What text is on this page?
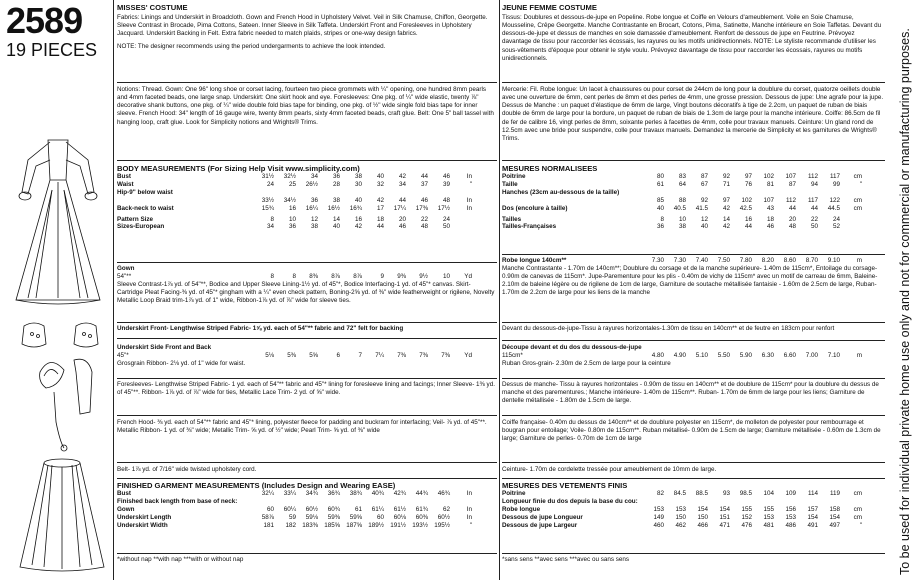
2589
19 PIECES
MISSES' COSTUME
Fabrics: Linings and Underskirt in Broadcloth. Gown and French Hood in Upholstery Velvet. Veil in Silk Chamuse, Chiffon, Georgette. Sleeve Contrast in Brocade, Pima Cottons, Sateen. Inner Sleeve in Silk Taffeta. Underskirt Front and Foresleeves in Upholstery Jacquard. Underskirt Backing in Felt. Extra fabric needed to match plaids, stripes or one-way design fabrics.
NOTE: The designer recommends using the period undergarments to achieve the look intended.
Notions: Thread. Gown: One 96" long shoe or corset lacing, fourteen two piece grommets with ¼" opening, one hundred 8mm pearls and 4mm faceted beads, one large snap. Underskirt: One skirt hook and eye. Foresleeves: One pkg. of ¼" wide elastic, twenty ⅞" decorative shank buttons, one pkg. of ¼" wide double fold bias tape for binding, one pkg. of ½" wide single fold bias tape for inner sleeve. French Hood: 34" length of 16 gauge wire, twenty 8mm pearls, sixty 4mm faceted beads, craft glue. Belt: One 5" ball tassel with hanging loop, craft glue. Look for Simplicity notions and Wrights® Trims.
BODY MEASUREMENTS (For Sizing Help Visit www.simplicity.com)
Bust	31½	32½	34	36	38	40	42	44	46	In
Waist	24	25	26½	28	30	32	34	37	39	"
Hip-9" below waist										
	33½	34½	36	38	40	42	44	46	48	In
Back-neck to waist	15¾	16	16¼	16½	16¾	17	17¼	17⅜	17½	In
Pattern Size	8	10	12	14	16	18	20	22	24	
Sizes-European	34	36	38	40	42	44	46	48	50	
Gown
54"**	8	8	8⅜	8⅞	8⅞	9	9⅜	9½	10	Yd
Sleeve Contrast-1⅞ yd. of 54"**, Bodice and Upper Sleeve Lining-1½ yd. of 45"*, Bodice Interfacing-1 yd. of 45"* canvas. Skirt- Cartridge Pleat Facing-⅜ yd. of 45"* gingham with a ¼" even check pattern, Boning-2⅝ yd. of ⅜" wide featherweight or rigilene, Novelty Metallic Loop Braid trim-1⅞ yd. of 1" wide, Ribbon-1⅞ yd. of ⅞" wide for sleeve ties.
Underskirt Front- Lengthwise Striped Fabric- 1⅝ yd. each of 54"** fabric and 72" felt for backing
Underskirt Side Front and Back
45"*	5⅛	5⅜	5⅝	6	7	7¼	7⅜	7⅜	7⅜	Yd
Grosgrain Ribbon- 2⅛ yd. of 1" wide for waist.
Foresleeves- Lengthwise Striped Fabric- 1 yd. each of 54"** fabric and 45"* lining for foresleeve lining and facings; Inner Sleeve- 1⅜ yd. of 45"**. Ribbon- 1⅞ yd. of ⅞" wide for ties, Metallic Lace Trim- 2 yd. of ⅝" wide.
French Hood- ⅜ yd. each of 54"** fabric and 45"* lining, polyester fleece for padding and buckram for interfacing; Veil- ⅞ yd. of 45"**. Metallic Ribbon- 1 yd. of ⅜" wide; Metallic Trim- ⅝ yd. of ½" wide; Pearl Trim- ⅝ yd. of ⅜" wide
Belt- 1⅞ yd. of 7/16" wide twisted upholstery cord.
FINISHED GARMENT MEASUREMENTS (Includes Design and Wearing EASE)
Bust	32¼	33¼	34¾	36¾	38¾	40¾	42¾	44¾	46¾	In
Finished back length from base of neck:										
Gown	60	60¼	60½	60¾	61	61¼	61½	61¾	62	In
Underskirt Length	58⅞	59	59⅛	59⅜	59⅝	60	60⅛	60⅜	60½	In
Underskirt Width	181	182	183⅜	185⅝	187⅝	189½	191½	193½	195½	"
*without nap **with nap ***with or without nap
JEUNE FEMME COSTUME
Tissus: Doublures et dessous-de-jupe en Popeline. Robe longue et Coiffe en Velours d'ameublement. Voile en Soie Chamuse, Mousseline, Crêpe Georgette. Manche Contrastante en Brocart, Cotons, Pima, Satinette, Manche intérieure en Soie Taffetas. Devant du dessous-de-jupe et dessus de manches en soie damassée d'ameublement. Renfort de dessous de jupe en Feutrine. Prévoyez davantage de tissu pour raccorder les écossais, les rayures ou les motifs unidirectionnels. NOTE: Le styliste recommande d'utiliser les sous-vêtements d'époque pour obtenir le style voulu. Prévoyez davantage de tissu pour raccorder les écossais, rayures ou motifs unidirectionnels.
Mercerie: Fil. Robe longue: Un lacet à chaussures ou pour corset de 244cm de long pour la doublure du corset, quatorze oeillets double avec une ouverture de 6mm, cent perles de 8mm et des perles de 4mm, une grosse pression. Dessous de jupe: Une agrafe pour la jupe. Dessus de Manche : un paquet d'élastique de 6mm de large, Vingt boutons décoratifs à tige de 2.2cm, un paquet de ruban de biais double de 6mm de large pour la bordure, un paquet de ruban de biais de 1.3cm de large pour la manche intérieure. Coiffe: 86.5cm de fil de fer de calibre 16, vingt perles de 8mm, soixante perles à facettes de 4mm, colle pour travaux manuels. Ceinture: Un gland rond de 12.5cm avec une bride pour suspendre, colle pour travaux manuels. Demandez la mercerie de Simplicity et les garnitures de Wrights® Trims.
MESURES NORMALISEES
Poitrine	80	83	87	92	97	102	107	112	117	cm
Taille	61	64	67	71	76	81	87	94	99	"
Hanches (23cm au-dessous de la taille)										
	85	88	92	97	102	107	112	117	122	cm
Dos (encolure à taille)	40	40.5	41.5	42	42.5	43	44	44	44.5	cm
Tailles	8	10	12	14	16	18	20	22	24	
Tailles-Françaises	36	38	40	42	44	46	48	50	52	
Robe longue 140cm**	7.30	7.30	7.40	7.50	7.80	8.20	8.60	8.70	9.10	m
Manche Contrastante - 1.70m de 140cm**; Doublure du corsage et de la manche supérieure- 1.40m de 115cm*, Entoilage du corsage- 0.90m de canevas de 115cm*. Jupe-Parementure pour les plis - 0.40m de vichy de 115cm* avec un motif de carreau de 6mm, Baleine- 2.10m de baleine légère ou de rigilene de 1cm de large, Garniture de soutache métallisée fantaisie - 1.60m de 2.5cm de large, Ruban- 1.70m de 2.2cm de large pour les liens de la manche
Devant du dessous-de-jupe-Tissu à rayures horizontales-1.30m de tissu en 140cm** et de feutre en 183cm pour renfort
Découpe devant et du dos du dessous-de-jupe
115cm*	4.80	4.90	5.10	5.50	5.90	6.30	6.60	7.00	7.10	m
Ruban Gros-grain- 2.30m de 2.5cm de large pour la ceinture
Dessus de manche- Tissu à rayures horizontales - 0.90m de tissu en 140cm** et de doublure de 115cm* pour la doublure du dessus de manche et des parementures.; Manche intérieure- 1.40m de 115cm**. Ruban- 1.70m de 6mm de large pour les liens; Garniture de dentelle métallisée - 1.80m de 1.5cm de large.
Coiffe française- 0.40m du dessus de 140cm** et de doublure polyester en 115cm*, de molleton de polyester pour rembourrage et bougran pour entoilage; Voile- 0.80m de 115cm**. Ruban métallisé- 0.90m de 1.5cm de large; Garniture métallisée - 0.60m de 1.3cm de large; Garniture de perles- 0.70m de 1cm de large
Ceinture- 1.70m de cordelette tressée pour ameublement de 10mm de large.
MESURES DES VETEMENTS FINIS
Poitrine	82	84.5	88.5	93	98.5	104	109	114	119	cm
Longueur finie du dos depuis la base du cou:										
Robe longue	153	153	154	154	155	155	156	157	158	cm
Dessous de jupe Longueur	149	150	150	151	152	153	153	154	154	cm
Dessous de jupe Largeur	460	462	466	471	476	481	486	491	497	"
*sans sens **avec sens ***avec ou sans sens	To be used for individual private home use only and not for commercial or manufacturing purposes.
